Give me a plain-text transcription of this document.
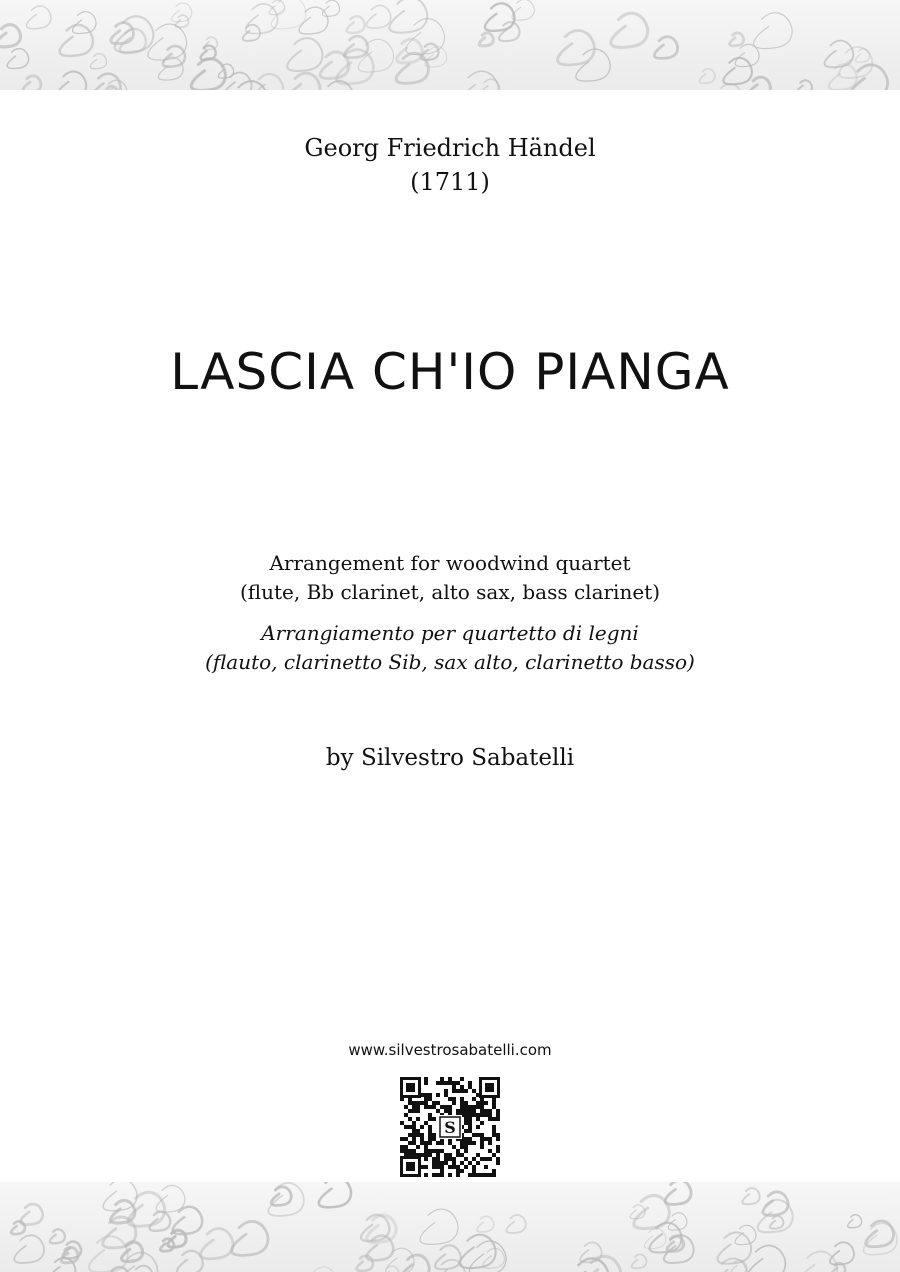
Georg Friedrich Händel
(1711)
LASCIA CH'IO PIANGA
Arrangement for woodwind quartet
(flute, Bb clarinet, alto sax, bass clarinet)
Arrangiamento per quartetto di legni
(flauto, clarinetto Sib, sax alto, clarinetto basso)
by Silvestro Sabatelli
www.silvestrosabatelli.com
S
